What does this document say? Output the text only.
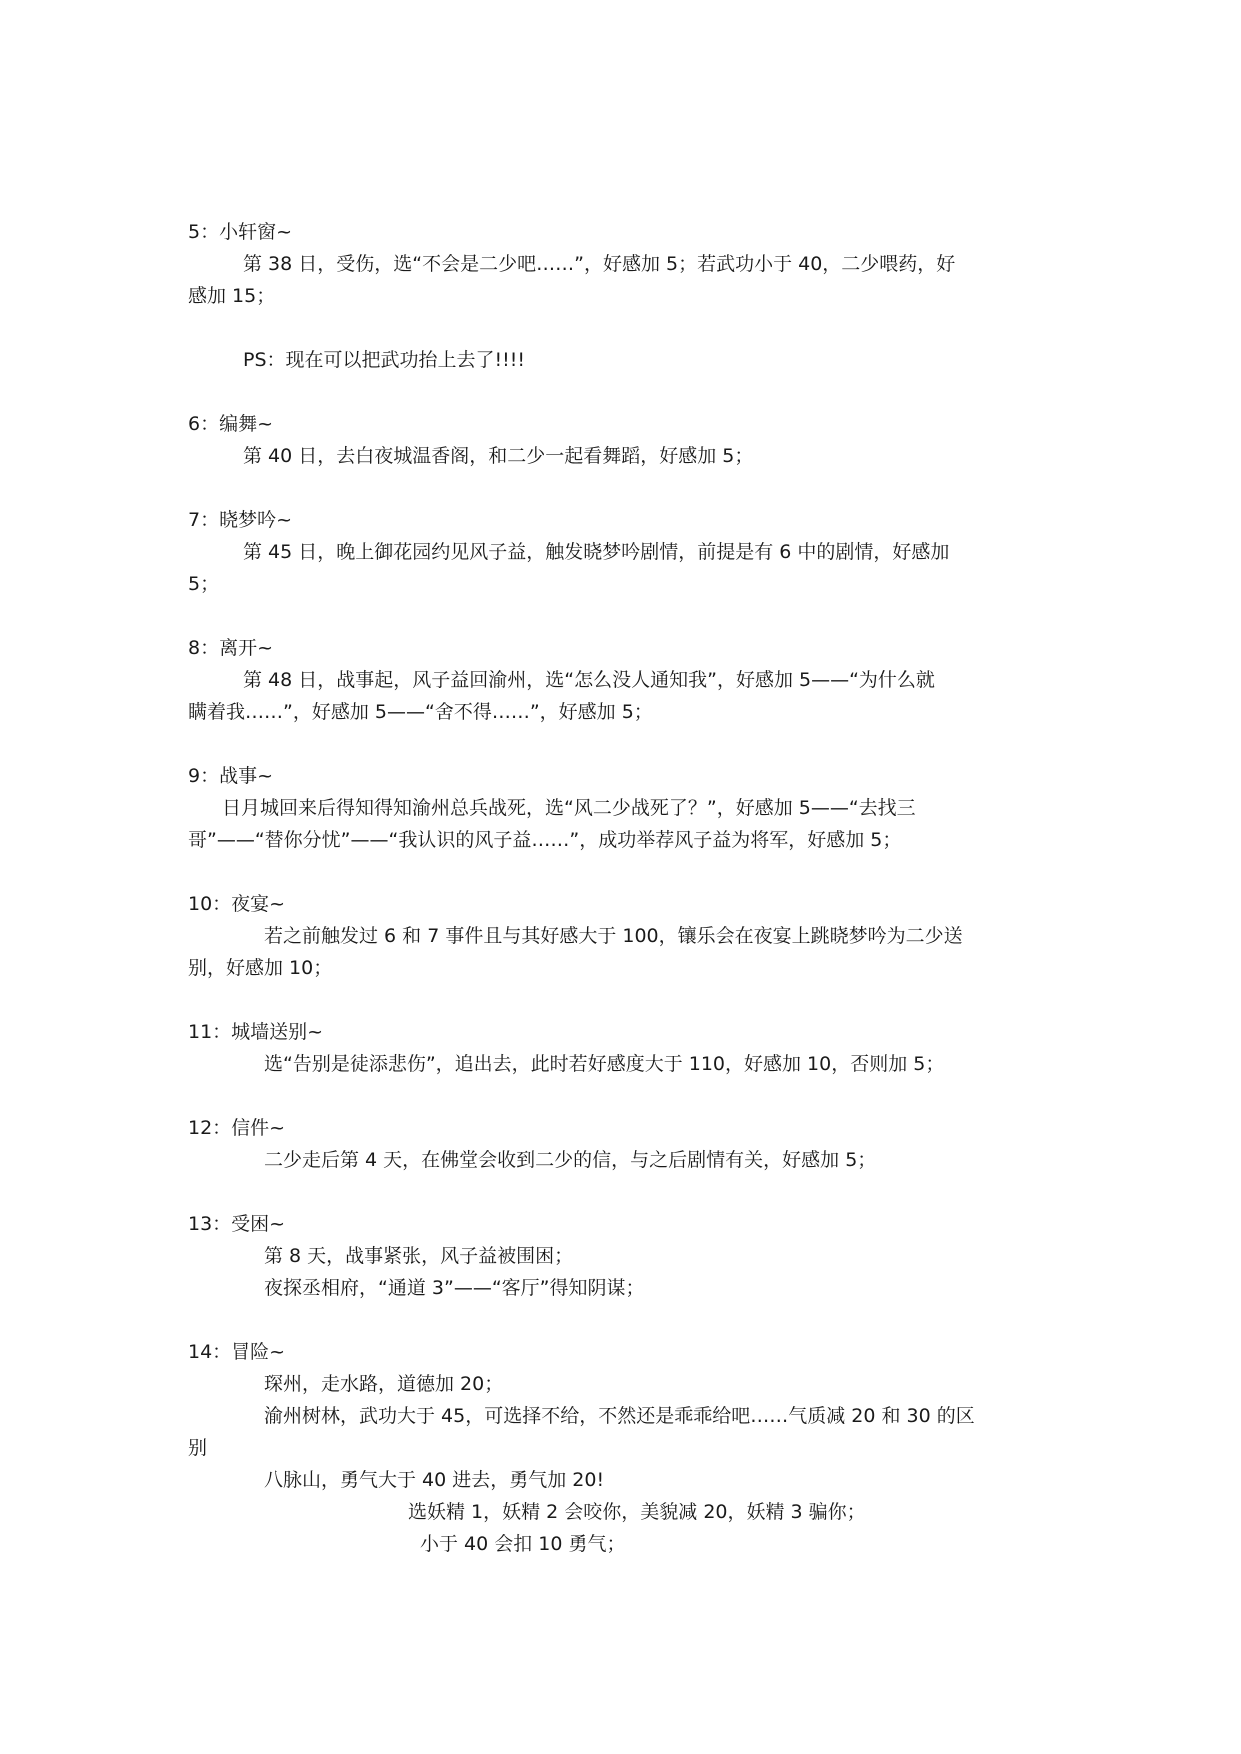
5：小轩窗~
第 38 日，受伤，选“不会是二少吧……”，好感加 5；若武功小于 40，二少喂药，好
感加 15；
PS：现在可以把武功抬上去了!!!!
6：编舞~
第 40 日，去白夜城温香阁，和二少一起看舞蹈，好感加 5；
7：晓梦吟~
第 45 日，晚上御花园约见风子益，触发晓梦吟剧情，前提是有 6 中的剧情，好感加
5；
8：离开~
第 48 日，战事起，风子益回渝州，选“怎么没人通知我”，好感加 5——“为什么就
瞒着我……”，好感加 5——“舍不得……”，好感加 5；
9：战事~
日月城回来后得知得知渝州总兵战死，选“风二少战死了？”，好感加 5——“去找三
哥”——“替你分忧”——“我认识的风子益……”，成功举荐风子益为将军，好感加 5；
10：夜宴~
若之前触发过 6 和 7 事件且与其好感大于 100，镶乐会在夜宴上跳晓梦吟为二少送
别，好感加 10；
11：城墙送别~
选“告别是徒添悲伤”，追出去，此时若好感度大于 110，好感加 10，否则加 5；
12：信件~
二少走后第 4 天，在佛堂会收到二少的信，与之后剧情有关，好感加 5；
13：受困~
第 8 天，战事紧张，风子益被围困；
夜探丞相府，“通道 3”——“客厅”得知阴谋；
14：冒险~
琛州，走水路，道德加 20；
渝州树林，武功大于 45，可选择不给，不然还是乖乖给吧……气质减 20 和 30 的区
别
八脉山，勇气大于 40 进去，勇气加 20!
选妖精 1，妖精 2 会咬你，美貌减 20，妖精 3 骗你；
小于 40 会扣 10 勇气；
